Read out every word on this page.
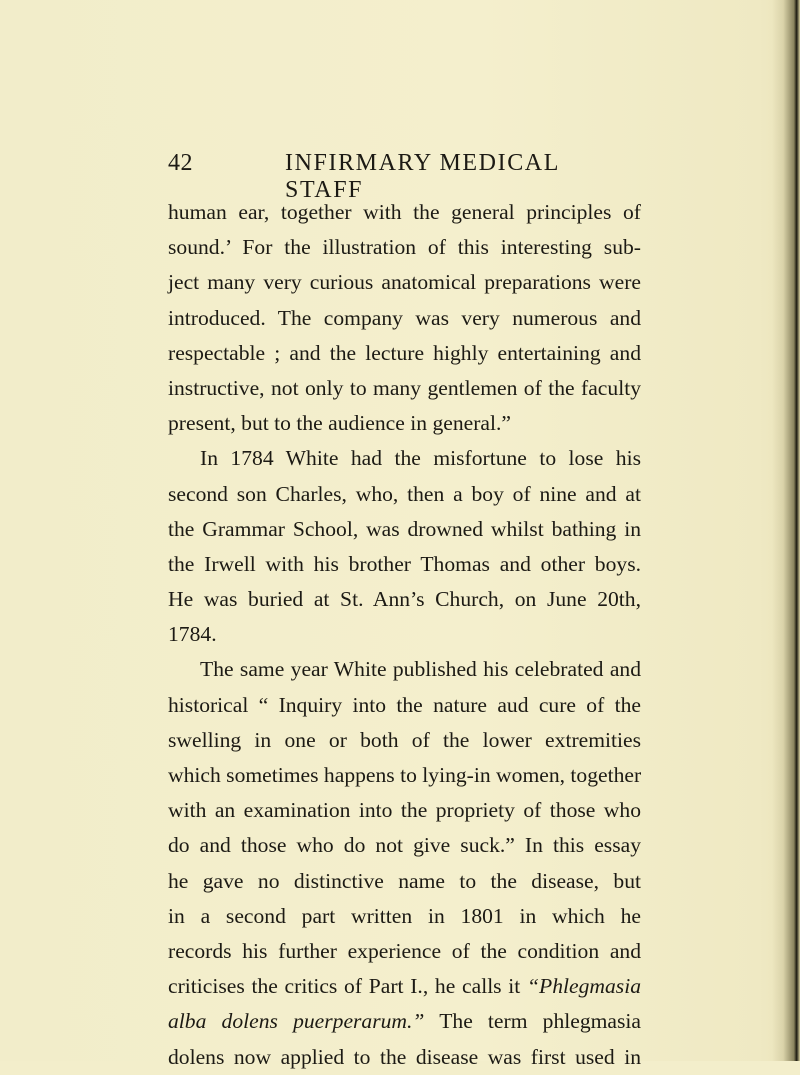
42	INFIRMARY MEDICAL STAFF
human ear, together with the general principles of
sound.’ For the illustration of this interesting sub-
ject many very curious anatomical preparations were
introduced. The company was very numerous and
respectable ; and the lecture highly entertaining and
instructive, not only to many gentlemen of the faculty
present, but to the audience in general.”
In 1784 White had the misfortune to lose his
second son Charles, who, then a boy of nine and at
the Grammar School, was drowned whilst bathing in
the Irwell with his brother Thomas and other boys.
He was buried at St. Ann’s Church, on June 20th,
1784.
The same year White published his celebrated and
historical “ Inquiry into the nature aud cure of the
swelling in one or both of the lower extremities
which sometimes happens to lying-in women, together
with an examination into the propriety of those who
do and those who do not give suck.” In this essay
he gave no distinctive name to the disease, but
in a second part written in 1801 in which he
records his further experience of the condition and
criticises the critics of Part I., he calls it “Phlegmasia
alba dolens puerperarum.” The term phlegmasia
dolens now applied to the disease was first used in
